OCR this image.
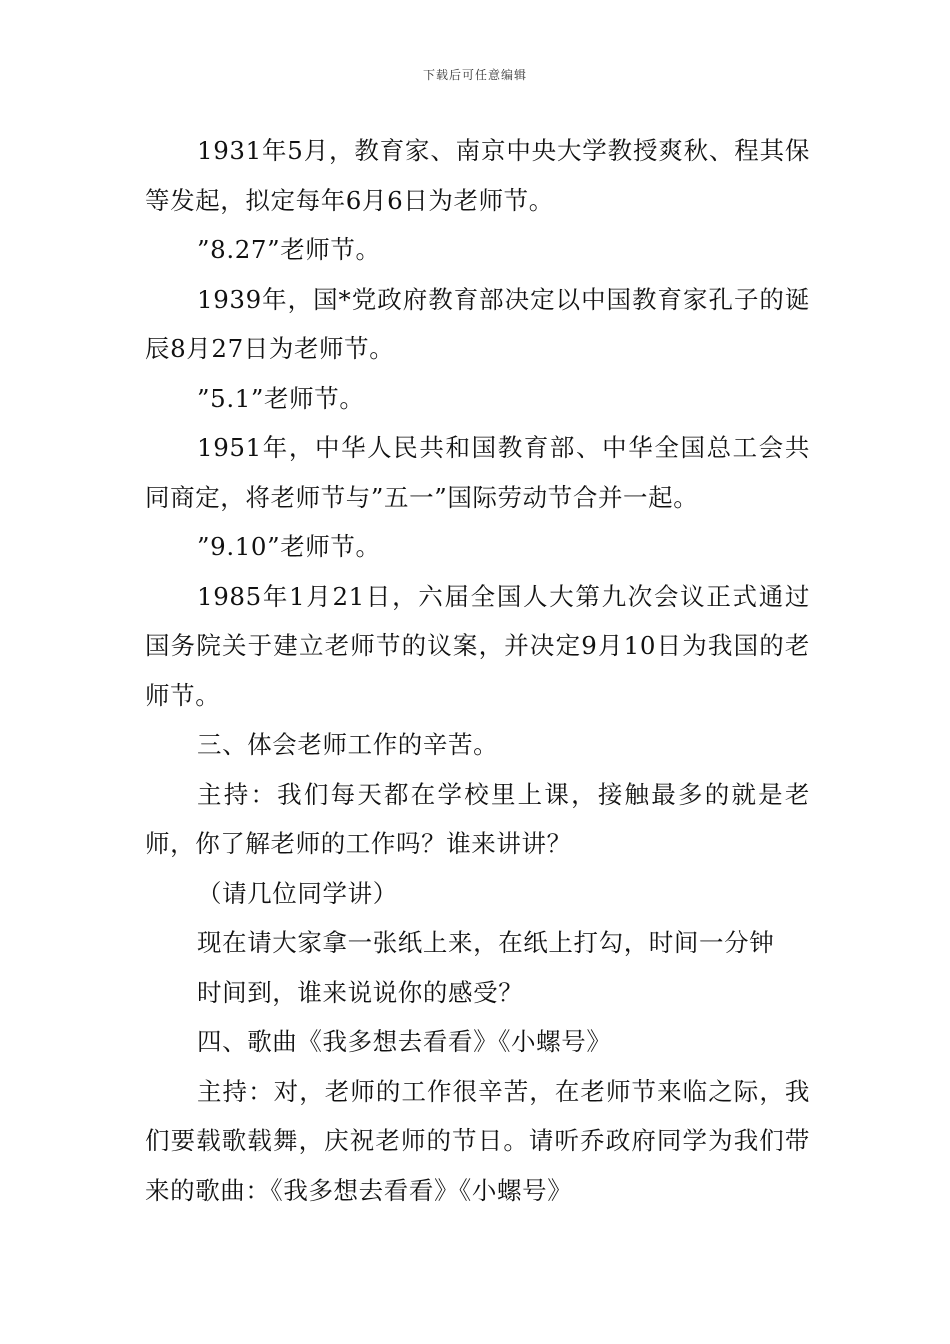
下载后可任意编辑

1931年5月，教育家、南京中央大学教授爽秋、程其保等发起，拟定每年6月6日为老师节。

”8.27”老师节。

1939年，国*党政府教育部决定以中国教育家孔子的诞辰8月27日为老师节。

”5.1”老师节。

1951年，中华人民共和国教育部、中华全国总工会共同商定，将老师节与”五一”国际劳动节合并一起。

”9.10”老师节。

1985年1月21日，六届全国人大第九次会议正式通过国务院关于建立老师节的议案，并决定9月10日为我国的老师节。

三、体会老师工作的辛苦。

主持：我们每天都在学校里上课，接触最多的就是老师，你了解老师的工作吗？谁来讲讲？

（请几位同学讲）

现在请大家拿一张纸上来，在纸上打勾，时间一分钟

时间到，谁来说说你的感受？

四、歌曲《我多想去看看》《小螺号》

主持：对，老师的工作很辛苦，在老师节来临之际，我们要载歌载舞，庆祝老师的节日。请听乔政府同学为我们带来的歌曲：《我多想去看看》《小螺号》
